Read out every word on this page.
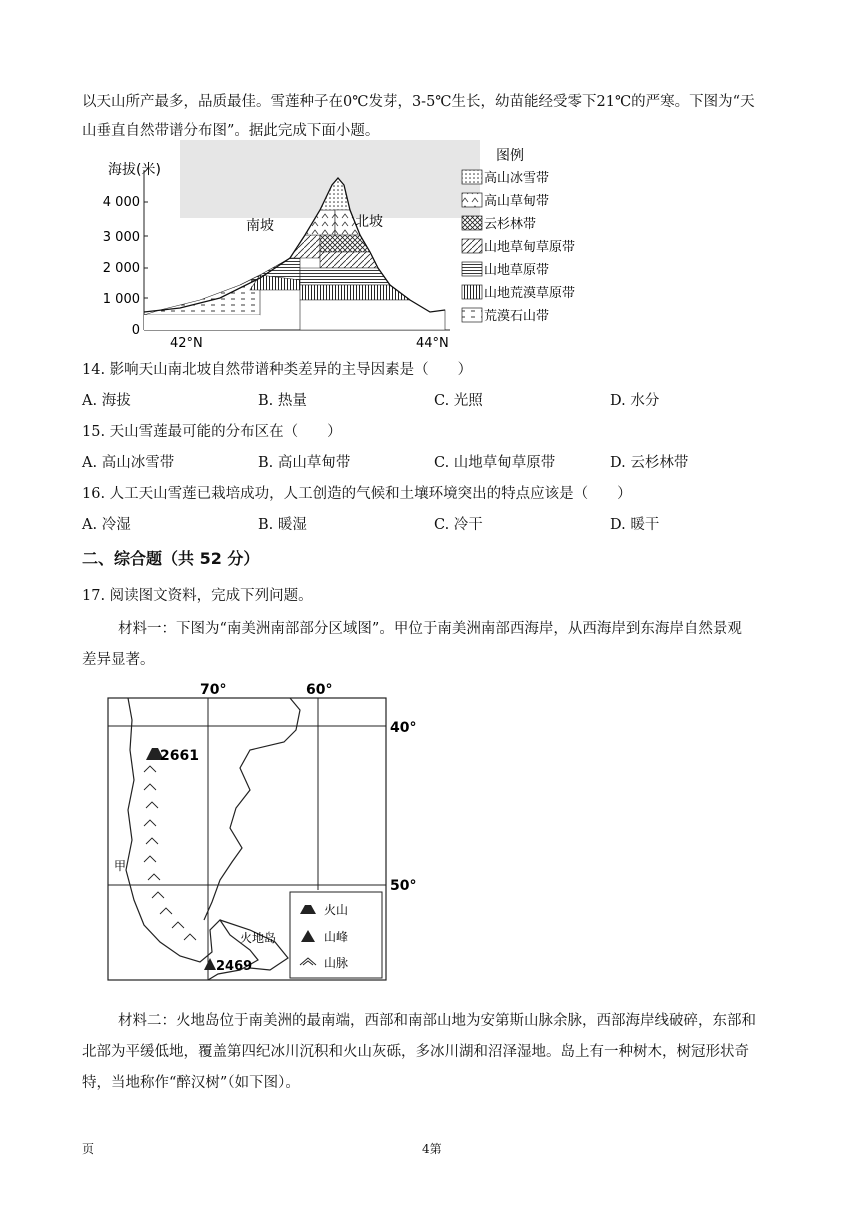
以天山所产最多，品质最佳。雪莲种子在0℃发芽，3-5℃生长，幼苗能经受零下21℃的严寒。下图为“天
山垂直自然带谱分布图”。据此完成下面小题。
海拔(米)
4 000
3 000
2 000
1 000
0
南坡	北坡
42°N	44°N
图例
高山冰雪带
高山草甸带
云杉林带
山地草甸草原带
山地草原带
山地荒漠草原带
荒漠石山带
14. 影响天山南北坡自然带谱种类差异的主导因素是（　　）
A. 海拔	B. 热量	C. 光照	D. 水分
15. 天山雪莲最可能的分布区在（　　）
A. 高山冰雪带	B. 高山草甸带	C. 山地草甸草原带	D. 云杉林带
16. 人工天山雪莲已栽培成功，人工创造的气候和土壤环境突出的特点应该是（　　）
A. 冷湿	B. 暖湿	C. 冷干	D. 暖干
二、综合题（共 52 分）
17. 阅读图文资料，完成下列问题。
材料一：下图为“南美洲南部部分区域图”。甲位于南美洲南部西海岸，从西海岸到东海岸自然景观
差异显著。
70°	60°
40°
50°
2661
2469
甲
火地岛
火山
山峰
山脉
材料二：火地岛位于南美洲的最南端，西部和南部山地为安第斯山脉余脉，西部海岸线破碎，东部和
北部为平缓低地，覆盖第四纪冰川沉积和火山灰砾，多冰川湖和沼泽湿地。岛上有一种树木，树冠形状奇
特，当地称作“醉汉树”（如下图）。
页	4第
